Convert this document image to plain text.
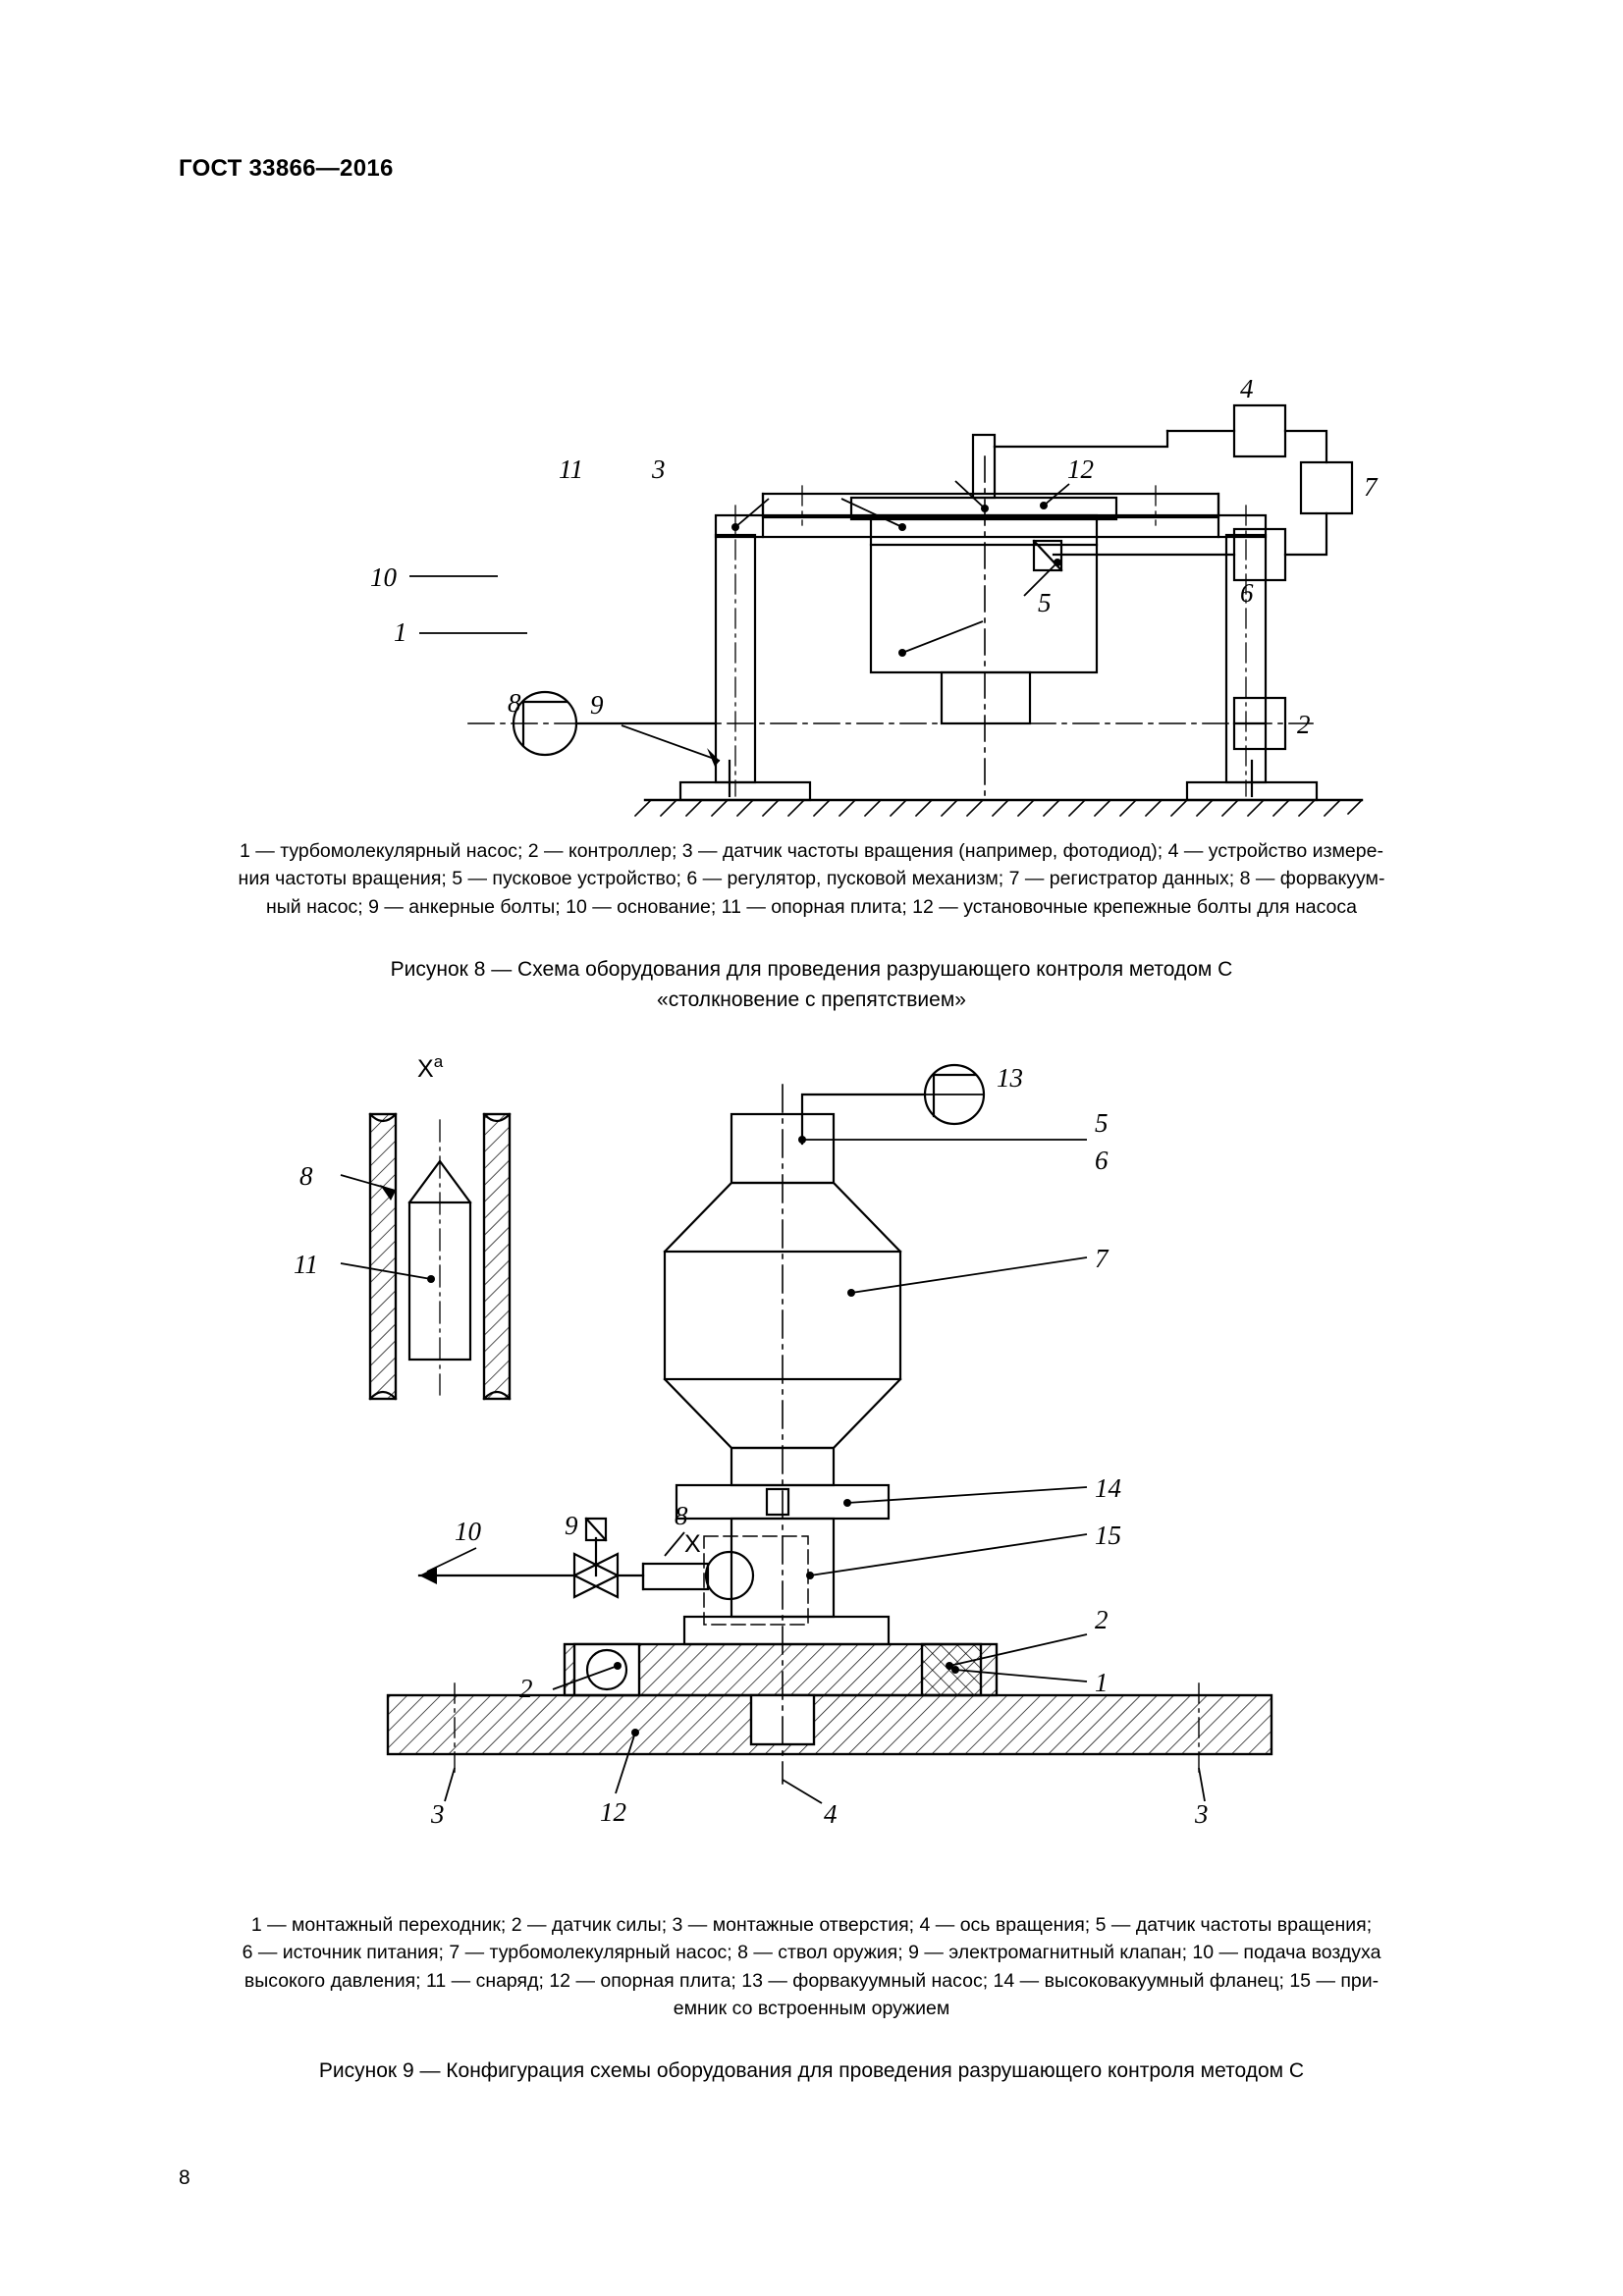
ГОСТ 33866—2016
11	3	12
4
7
6
2
10
1
8	9
5
1 — турбомолекулярный насос; 2 — контроллер; 3 — датчик частоты вращения (например, фотодиод); 4 — устройство измере-
ния частоты вращения; 5 — пусковое устройство; 6 — регулятор, пусковой механизм; 7 — регистратор данных; 8 — форвакуум-
ный насос; 9 — анкерные болты; 10 — основание; 11 — опорная плита; 12 — установочные крепежные болты для насоса
Рисунок 8 — Схема оборудования для проведения разрушающего контроля методом C
«столкновение с препятствием»
$X^а$
X
8
11
13
5
6
7
14
15
2
1
2
3	3
12	4
10	9	8
1 — монтажный переходник; 2 — датчик силы; 3 — монтажные отверстия; 4 — ось вращения; 5 — датчик частоты вращения;
6 — источник питания; 7 — турбомолекулярный насос; 8 — ствол оружия; 9 — электромагнитный клапан; 10 — подача воздуха
высокого давления; 11 — снаряд; 12 — опорная плита; 13 — форвакуумный насос; 14 — высоковакуумный фланец; 15 — при-
емник со встроенным оружием
Рисунок 9 — Конфигурация схемы оборудования для проведения разрушающего контроля методом C
8
